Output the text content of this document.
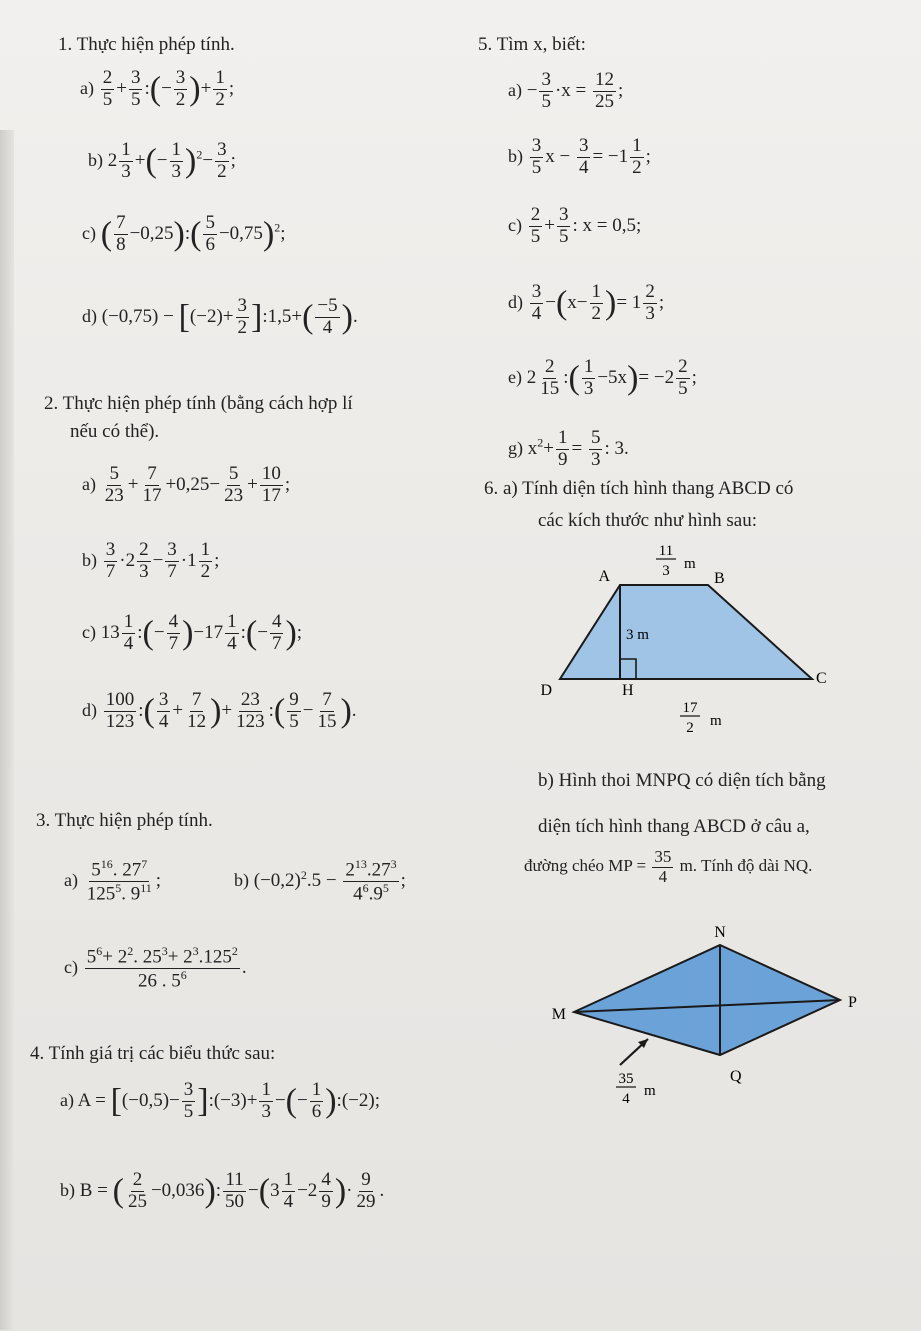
1. Thực hiện phép tính.
$a) \frac{2}{5} + \frac{3}{5}$ :(− $\frac{3}{2}$ )+ $\frac{1}{2}$ ;
b) $2 \frac{1}{3}$ +(− $\frac{1}{3} )^2- \frac{3}{2}$ ;
c) ( $\frac{7}{8}$ −0,25):( $\frac{5}{6} -0,75)^2$;
d) $(-0,75) - [(-2)+ \frac{3}{2}$ ]:1,5+( $\frac{-5}{4}$ ).
2. Thực hiện phép tính (bằng cách hợp lí
nếu có thể).
$a) \frac{5}{23} + \frac{7}{17} +0,25- \frac{5}{23} + \frac{10}{17}$ ;
$b) \frac{3}{7} \cdot 2 \frac{2}{3} - \frac{3}{7} \cdot 1 \frac{1}{2}$ ;
c) $13 \frac{1}{4}$ :(− $\frac{4}{7} )-17 \frac{1}{4}$ :(− $\frac{4}{7}$ );
$d) \frac{100}{123}$ :( $\frac{3}{4} + \frac{7}{12}$ )+ $\frac{23}{123}$ :( $\frac{9}{5} - \frac{7}{15}$ ).
3. Thực hiện phép tính.
$a) \frac{5^{16}. 27^7}{125^5. 9^{11}}$ ;	b) $(-0,2)^2.5 - \frac{2^{13}.27^3}{4^6.9^5}$ ;
$c) \frac{5^6+ 2^2. 25^3+ 2^3.125^2}{26 . 5^6}$ .
4. Tính giá trị các biểu thức sau:
a) $A = [(-0,5)- \frac{3}{5}$ ]:(−3)+ $\frac{1}{3}$ −(− $\frac{1}{6}$ ):(−2);
b) B = ( $\frac{2}{25} -0,036$): $\frac{11}{50} -(3 \frac{1}{4} -2 \frac{4}{9}$ )· $\frac{9}{29}$ .
5. Tìm x, biết:
$a) - \frac{3}{5} \cdot x = \frac{12}{25}$ ;
$b) \frac{3}{5}$ $x - \frac{3}{4} = -1 \frac{1}{2}$ ;
$c) \frac{2}{5} + \frac{3}{5}$ : x = 0,5;
$d) \frac{3}{4} -(x- \frac{1}{2}$ )= $1 \frac{2}{3}$ ;
e) $2 \frac{2}{15}$ :( $\frac{1}{3} -5x)= -2 \frac{2}{5}$ ;
g) $x^2+ \frac{1}{9} = \frac{5}{3}$ : 3.
6. a) Tính diện tích hình thang ABCD có
các kích thước như hình sau:
A	B
C
D	H
11
3 m
3 m
17
2 m
b) Hình thoi MNPQ có diện tích bằng
diện tích hình thang ABCD ở câu a,
đường chéo MP = $\frac{35}{4} m$. Tính độ dài NQ.
N
P
M
Q
35
4 m
